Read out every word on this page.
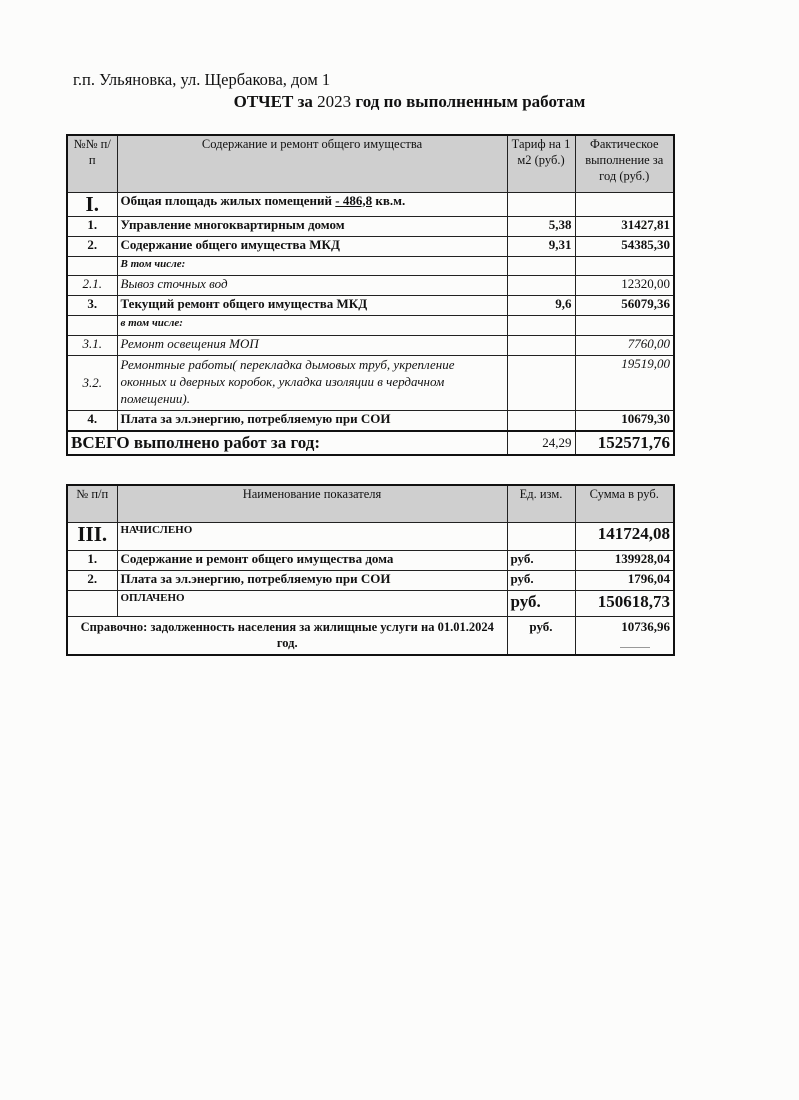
г.п. Ульяновка, ул. Щербакова, дом 1
ОТЧЕТ за 2023 год по выполненным работам
№№ п/п	Содержание и ремонт общего имущества	Тариф на 1 м2 (руб.)	Фактическое выполнение за год (руб.)
I.	Общая площадь жилых помещений - 486,8 кв.м.		
1.	Управление многоквартирным домом	5,38	31427,81
2.	Содержание общего имущества МКД	9,31	54385,30
	В том числе:		
2.1.	Вывоз сточных вод		12320,00
3.	Текущий ремонт общего имущества МКД	9,6	56079,36
	в том числе:		
3.1.	Ремонт освещения МОП		7760,00
3.2.	Ремонтные работы( перекладка дымовых труб, укрепление оконных и дверных коробок, укладка изоляции в чердачном помещении).		19519,00
4.	Плата за эл.энергию, потребляемую при СОИ		10679,30
ВСЕГО выполнено работ за год:		24,29	152571,76
№ п/п	Наименование показателя	Ед. изм.	Сумма в руб.
III.	НАЧИСЛЕНО		141724,08
1.	Содержание и ремонт общего имущества дома	руб.	139928,04
2.	Плата за эл.энергию, потребляемую при СОИ	руб.	1796,04
	ОПЛАЧЕНО	руб.	150618,73
Справочно: задолженность населения за жилищные услуги на 01.01.2024 год.		руб.	10736,96
